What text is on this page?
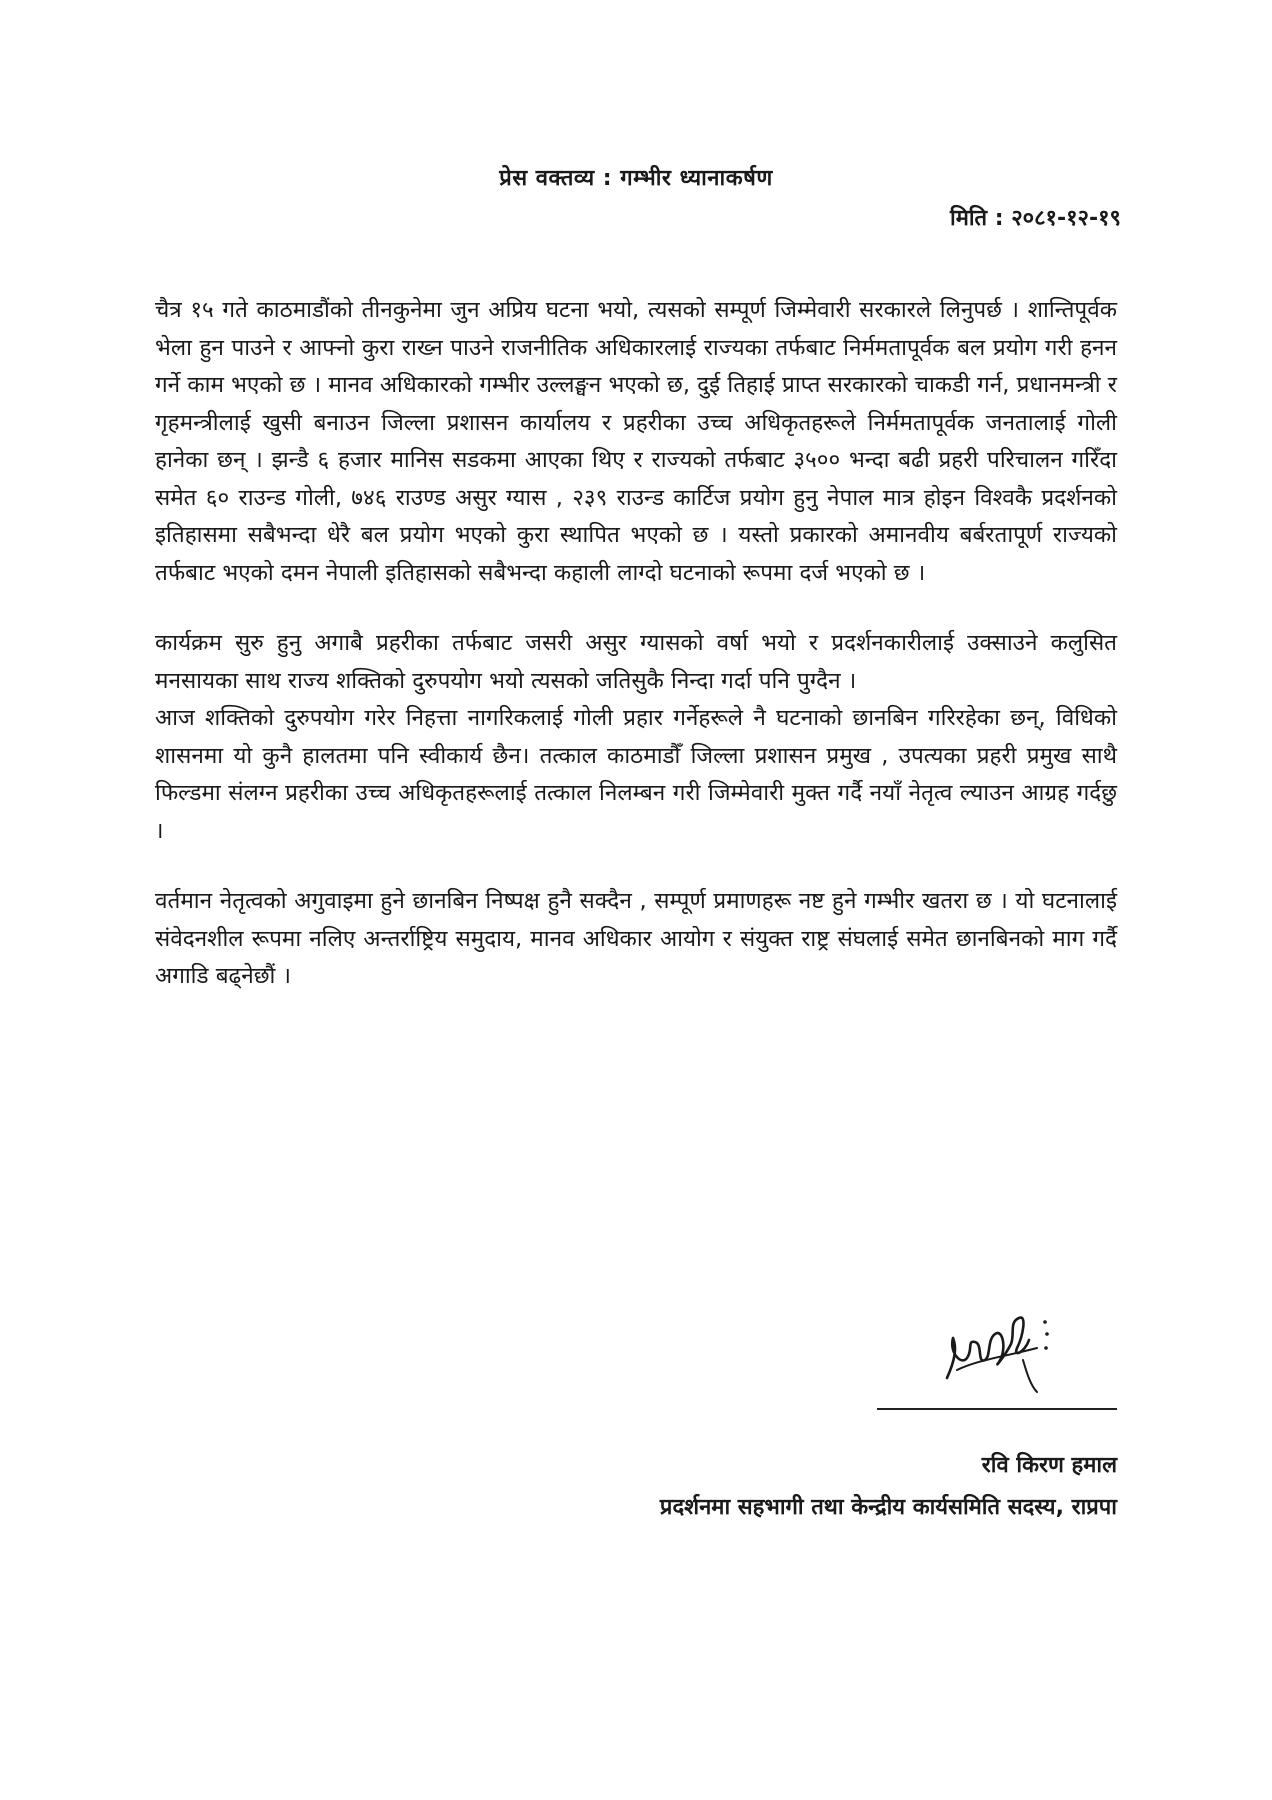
प्रेस वक्तव्य : गम्भीर ध्यानाकर्षण
मिति : २०८१-१२-१९

चैत्र १५ गते काठमाडौंको तीनकुनेमा जुन अप्रिय घटना भयो, त्यसको सम्पूर्ण जिम्मेवारी सरकारले लिनुपर्छ । शान्तिपूर्वक भेला हुन पाउने र आफ्नो कुरा राख्न पाउने राजनीतिक अधिकारलाई राज्यका तर्फबाट निर्ममतापूर्वक बल प्रयोग गरी हनन गर्ने काम भएको छ । मानव अधिकारको गम्भीर उल्लङ्घन भएको छ, दुई तिहाई प्राप्त सरकारको चाकडी गर्न, प्रधानमन्त्री र गृहमन्त्रीलाई खुसी बनाउन जिल्ला प्रशासन कार्यालय र प्रहरीका उच्च अधिकृतहरूले निर्ममतापूर्वक जनतालाई गोली हानेका छन् । झन्डै ६ हजार मानिस सडकमा आएका थिए र राज्यको तर्फबाट ३५०० भन्दा बढी प्रहरी परिचालन गरिँदा समेत ६० राउन्ड गोली, ७४६ राउण्ड असुर ग्यास , २३९ राउन्ड कार्टिज प्रयोग हुनु नेपाल मात्र होइन विश्वकै प्रदर्शनको इतिहासमा सबैभन्दा धेरै बल प्रयोग भएको कुरा स्थापित भएको छ । यस्तो प्रकारको अमानवीय बर्बरतापूर्ण राज्यको तर्फबाट भएको दमन नेपाली इतिहासको सबैभन्दा कहाली लाग्दो घटनाको रूपमा दर्ज भएको छ ।

कार्यक्रम सुरु हुनु अगाबै प्रहरीका तर्फबाट जसरी असुर ग्यासको वर्षा भयो र प्रदर्शनकारीलाई उक्साउने कलुसित मनसायका साथ राज्य शक्तिको दुरुपयोग भयो त्यसको जतिसुकै निन्दा गर्दा पनि पुग्दैन ।

आज शक्तिको दुरुपयोग गरेर निहत्ता नागरिकलाई गोली प्रहार गर्नेहरूले नै घटनाको छानबिन गरिरहेका छन्, विधिको शासनमा यो कुनै हालतमा पनि स्वीकार्य छैन। तत्काल काठमाडौँ जिल्ला प्रशासन प्रमुख , उपत्यका प्रहरी प्रमुख साथै फिल्डमा संलग्न प्रहरीका उच्च अधिकृतहरूलाई तत्काल निलम्बन गरी जिम्मेवारी मुक्त गर्दै नयाँ नेतृत्व ल्याउन आग्रह गर्दछु ।

वर्तमान नेतृत्वको अगुवाइमा हुने छानबिन निष्पक्ष हुनै सक्दैन , सम्पूर्ण प्रमाणहरू नष्ट हुने गम्भीर खतरा छ । यो घटनालाई संवेदनशील रूपमा नलिए अन्तर्राष्ट्रिय समुदाय, मानव अधिकार आयोग र संयुक्त राष्ट्र संघलाई समेत छानबिनको माग गर्दै अगाडि बढ्नेछौं ।

रवि किरण हमाल
प्रदर्शनमा सहभागी तथा केन्द्रीय कार्यसमिति सदस्य, राप्रपा
